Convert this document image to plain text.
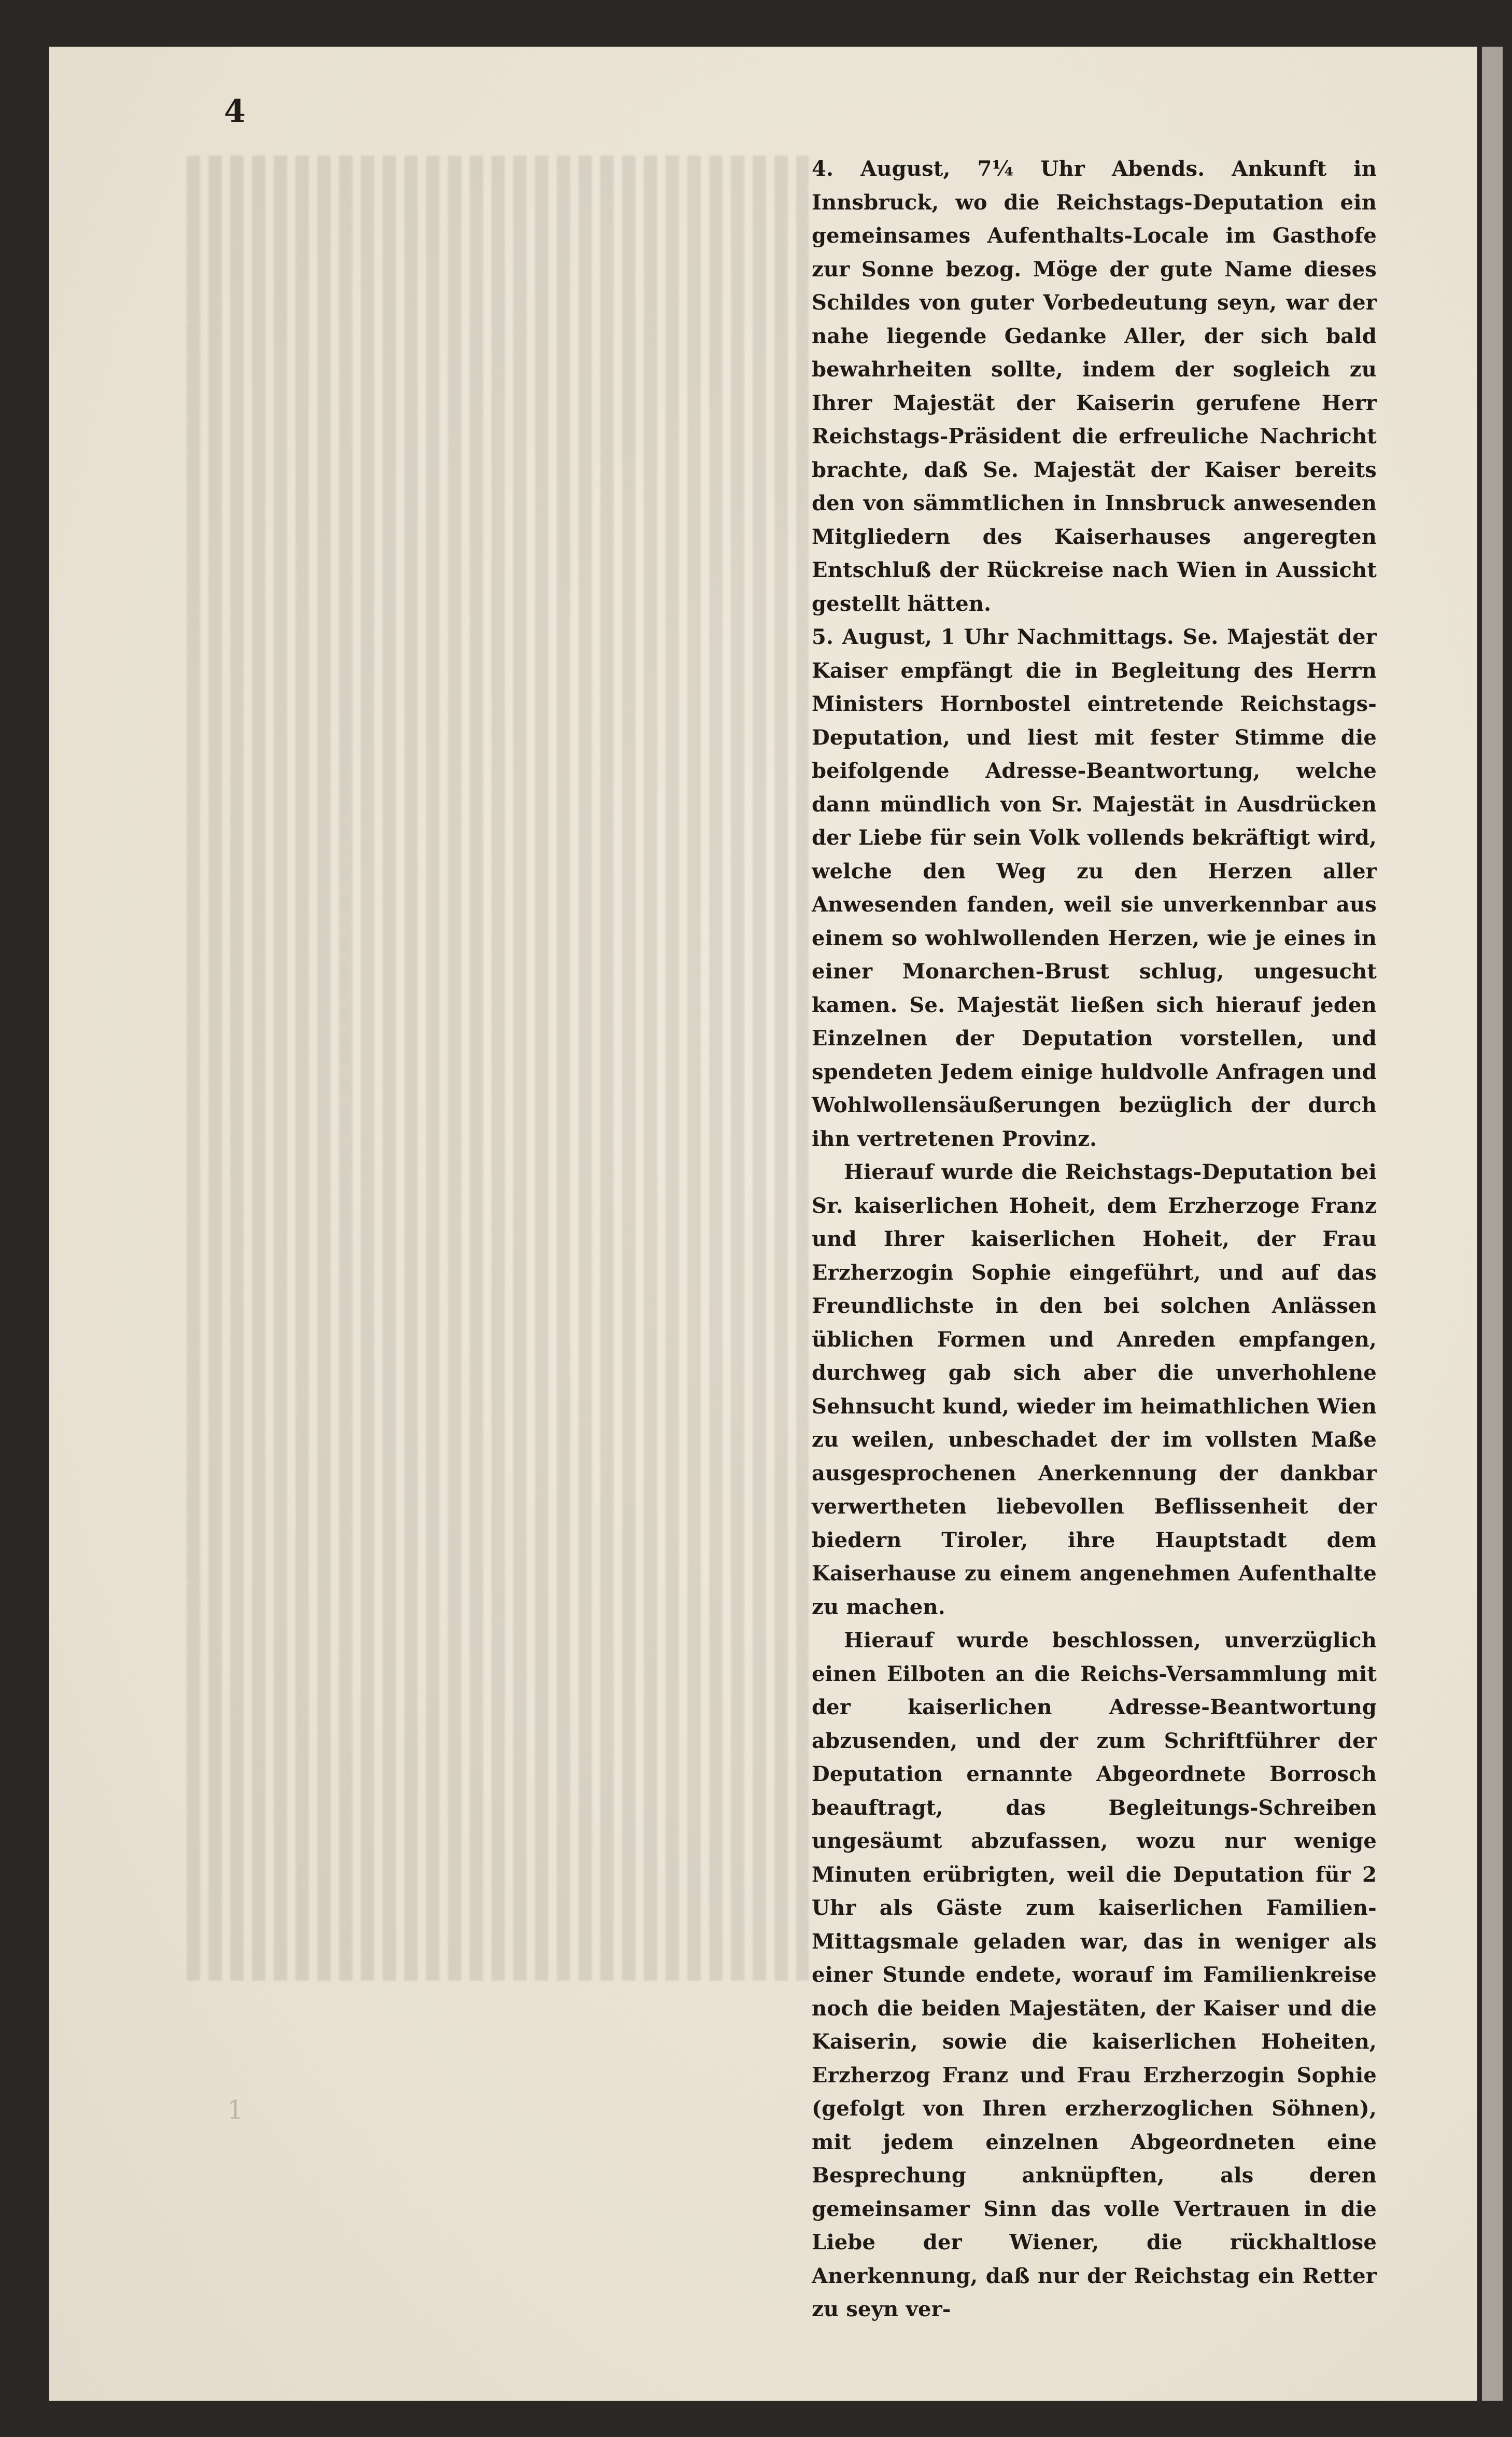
4
1

4. August, 7¼ Uhr Abends. Ankunft in Innsbruck, wo die Reichstags-Deputation ein gemeinsames Aufenthalts-Locale im Gasthofe zur Sonne bezog. Möge der gute Name dieses Schildes von guter Vorbedeutung seyn, war der nahe liegende Gedanke Aller, der sich bald bewahrheiten sollte, indem der sogleich zu Ihrer Majestät der Kaiserin gerufene Herr Reichstags-Präsident die erfreuliche Nachricht brachte, daß Se. Majestät der Kaiser bereits den von sämmtlichen in Innsbruck anwesenden Mitgliedern des Kaiserhauses angeregten Entschluß der Rückreise nach Wien in Aussicht gestellt hätten.

5. August, 1 Uhr Nachmittags. Se. Majestät der Kaiser empfängt die in Begleitung des Herrn Ministers Hornbostel eintretende Reichstags-Deputation, und liest mit fester Stimme die beifolgende Adresse-Beantwortung, welche dann mündlich von Sr. Majestät in Ausdrücken der Liebe für sein Volk vollends bekräftigt wird, welche den Weg zu den Herzen aller Anwesenden fanden, weil sie unverkennbar aus einem so wohlwollenden Herzen, wie je eines in einer Monarchen-Brust schlug, ungesucht kamen. Se. Majestät ließen sich hierauf jeden Einzelnen der Deputation vorstellen, und spendeten Jedem einige huldvolle Anfragen und Wohlwollensäußerungen bezüglich der durch ihn vertretenen Provinz.

Hierauf wurde die Reichstags-Deputation bei Sr. kaiserlichen Hoheit, dem Erzherzoge Franz und Ihrer kaiserlichen Hoheit, der Frau Erzherzogin Sophie eingeführt, und auf das Freundlichste in den bei solchen Anlässen üblichen Formen und Anreden empfangen, durchweg gab sich aber die unverhohlene Sehnsucht kund, wieder im heimathlichen Wien zu weilen, unbeschadet der im vollsten Maße ausgesprochenen Anerkennung der dankbar verwertheten liebevollen Beflissenheit der biedern Tiroler, ihre Hauptstadt dem Kaiserhause zu einem angenehmen Aufenthalte zu machen.

Hierauf wurde beschlossen, unverzüglich einen Eilboten an die Reichs-Versammlung mit der kaiserlichen Adresse-Beantwortung abzusenden, und der zum Schriftführer der Deputation ernannte Abgeordnete Borrosch beauftragt, das Begleitungs-Schreiben ungesäumt abzufassen, wozu nur wenige Minuten erübrigten, weil die Deputation für 2 Uhr als Gäste zum kaiserlichen Familien-Mittagsmale geladen war, das in weniger als einer Stunde endete, worauf im Familienkreise noch die beiden Majestäten, der Kaiser und die Kaiserin, sowie die kaiserlichen Hoheiten, Erzherzog Franz und Frau Erzherzogin Sophie (gefolgt von Ihren erzherzoglichen Söhnen), mit jedem einzelnen Abgeordneten eine Besprechung anknüpften, als deren gemeinsamer Sinn das volle Vertrauen in die Liebe der Wiener, die rückhaltlose Anerkennung, daß nur der Reichstag ein Retter zu seyn ver-
